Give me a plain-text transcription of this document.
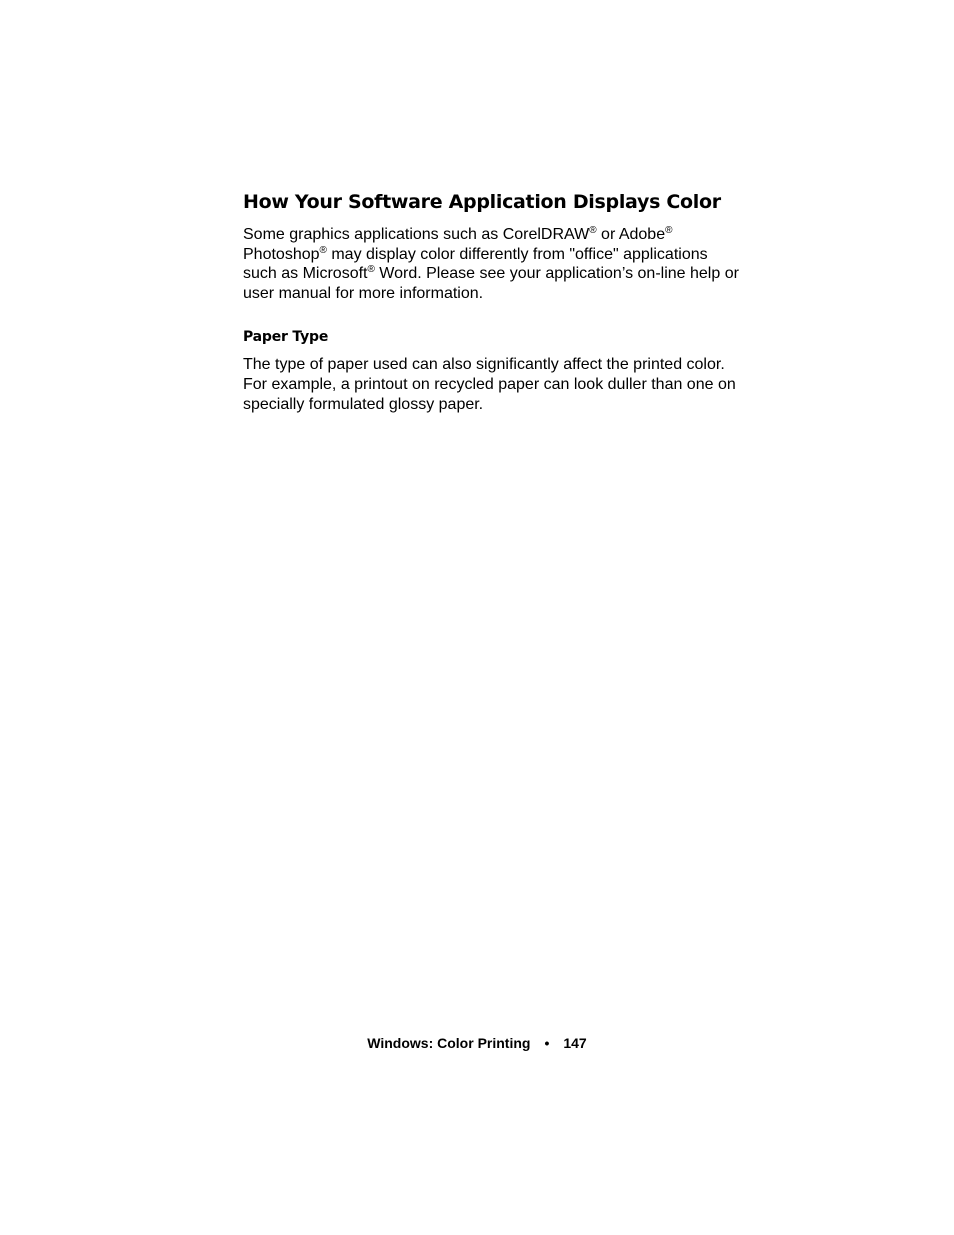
How Your Software Application Displays Color

Some graphics applications such as CorelDRAW® or Adobe® Photoshop® may display color differently from "office" applications such as Microsoft® Word. Please see your application’s on-line help or user manual for more information.

Paper Type

The type of paper used can also significantly affect the printed color. For example, a printout on recycled paper can look duller than one on specially formulated glossy paper.

Windows: Color Printing • 147
